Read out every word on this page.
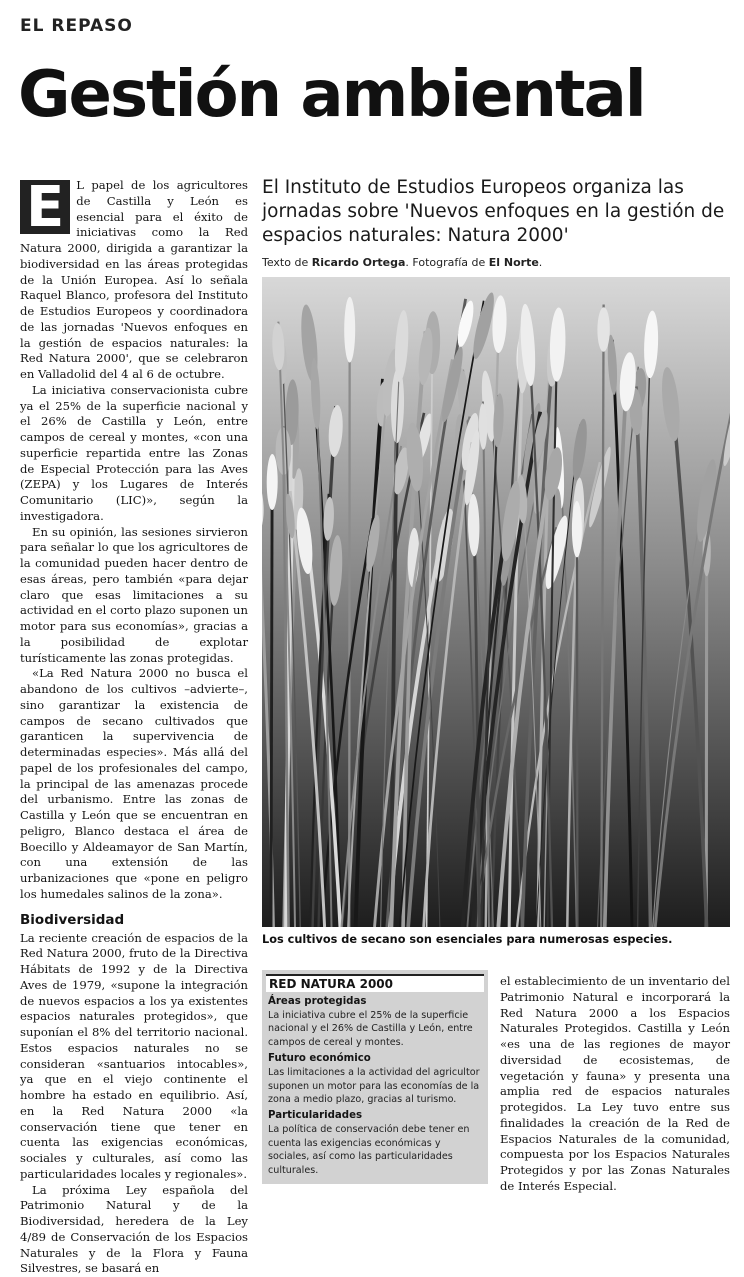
EL REPASO
Gestión ambiental

E	L papel de los agricultores de Castilla y León es esencial para el éxito de iniciativas como la Red Natura 2000, dirigida a garantizar la biodiversidad en las áreas protegidas de la Unión Europea. Así lo señala Raquel Blanco, profesora del Instituto de Estudios Europeos y coordinadora de las jornadas 'Nuevos enfoques en la gestión de espacios naturales: la Red Natura 2000', que se celebraron en Valladolid del 4 al 6 de octubre.

La iniciativa conservacionista cubre ya el 25% de la superficie nacional y el 26% de Castilla y León, entre campos de cereal y montes, «con una superficie repartida entre las Zonas de Especial Protección para las Aves (ZEPA) y los Lugares de Interés Comunitario (LIC)», según la investigadora.

En su opinión, las sesiones sirvieron para señalar lo que los agricultores de la comunidad pueden hacer dentro de esas áreas, pero también «para dejar claro que esas limitaciones a su actividad en el corto plazo suponen un motor para sus economías», gracias a la posibilidad de explotar turísticamente las zonas protegidas.

«La Red Natura 2000 no busca el abandono de los cultivos –advierte–, sino garantizar la existencia de campos de secano cultivados que garanticen la supervivencia de determinadas especies». Más allá del papel de los profesionales del campo, la principal de las amenazas procede del urbanismo. Entre las zonas de Castilla y León que se encuentran en peligro, Blanco destaca el área de Boecillo y Aldeamayor de San Martín, con una extensión de las urbanizaciones que «pone en peligro los humedales salinos de la zona».

Biodiversidad

La reciente creación de espacios de la Red Natura 2000, fruto de la Directiva Hábitats de 1992 y de la Directiva Aves de 1979, «supone la integración de nuevos espacios a los ya existentes espacios naturales protegidos», que suponían el 8% del territorio nacional. Estos espacios naturales no se consideran «santuarios intocables», ya que en el viejo continente el hombre ha estado en equilibrio. Así, en la Red Natura 2000 «la conservación tiene que tener en cuenta las exigencias económicas, sociales y culturales, así como las particularidades locales y regionales».

La próxima Ley española del Patrimonio Natural y de la Biodiversidad, heredera de la Ley 4/89 de Conservación de los Espacios Naturales y de la Flora y Fauna Silvestres, se basará en

El Instituto de Estudios Europeos organiza las jornadas sobre 'Nuevos enfoques en la gestión de espacios naturales: Natura 2000'
Texto de Ricardo Ortega. Fotografía de El Norte.
Los cultivos de secano son esenciales para numerosas especies.
RED NATURA 2000
Áreas protegidas

La iniciativa cubre el 25% de la superficie nacional y el 26% de Castilla y León, entre campos de cereal y montes.

Futuro económico

Las limitaciones a la actividad del agricultor suponen un motor para las economías de la zona a medio plazo, gracias al turismo.

Particularidades

La política de conservación debe tener en cuenta las exigencias económicas y sociales, así como las particularidades culturales.

el establecimiento de un inventario del Patrimonio Natural e incorporará la Red Natura 2000 a los Espacios Naturales Protegidos. Castilla y León «es una de las regiones de mayor diversidad de ecosistemas, de vegetación y fauna» y presenta una amplia red de espacios naturales protegidos. La Ley tuvo entre sus finalidades la creación de la Red de Espacios Naturales de la comunidad, compuesta por los Espacios Naturales Protegidos y por las Zonas Naturales de Interés Especial.
